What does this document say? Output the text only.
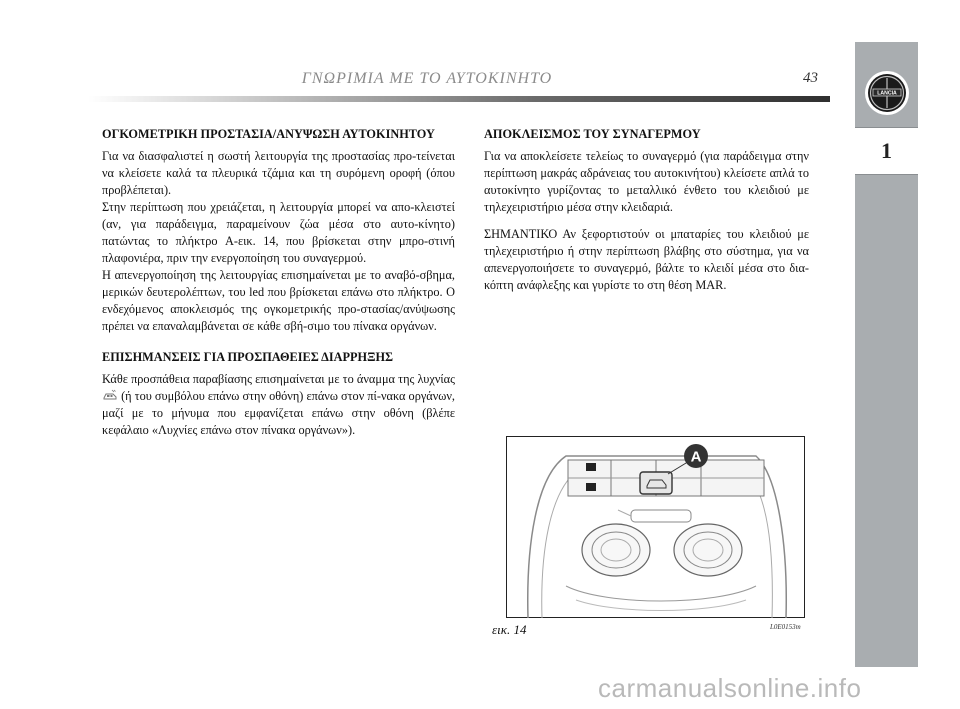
ΓΝΩΡΙΜΙΑ ΜΕ ΤΟ ΑΥΤΟΚΙΝΗΤΟ	43
LANCIA
1
ΟΓΚΟΜΕΤΡΙΚΗ ΠΡΟΣΤΑΣΙΑ/ΑΝΥΨΩΣΗ ΑΥΤΟΚΙΝΗΤΟΥ

Για να διασφαλιστεί η σωστή λειτουργία της προστασίας προ-τείνεται να κλείσετε καλά τα πλευρικά τζάμια και τη συρόμενη οροφή (όπου προβλέπεται).

Στην περίπτωση που χρειάζεται, η λειτουργία μπορεί να απο-κλειστεί (αν, για παράδειγμα, παραμείνουν ζώα μέσα στο αυτο-κίνητο) πατώντας το πλήκτρο A-εικ. 14, που βρίσκεται στην μπρο-στινή πλαφονιέρα, πριν την ενεργοποίηση του συναγερμού.

Η απενεργοποίηση της λειτουργίας επισημαίνεται με το αναβό-σβημα, μερικών δευτερολέπτων, του led που βρίσκεται επάνω στο πλήκτρο. Ο ενδεχόμενος αποκλεισμός της ογκομετρικής προ-στασίας/ανύψωσης πρέπει να επαναλαμβάνεται σε κάθε σβή-σιμο του πίνακα οργάνων.

ΕΠΙΣΗΜΑΝΣΕΙΣ ΓΙΑ ΠΡΟΣΠΑΘΕΙΕΣ ΔΙΑΡΡΗΞΗΣ

Κάθε προσπάθεια παραβίασης επισημαίνεται με το άναμμα της λυχνίας  (ή του συμβόλου επάνω στην οθόνη) επάνω στον πί-νακα οργάνων, μαζί με το μήνυμα που εμφανίζεται επάνω στην οθόνη (βλέπε κεφάλαιο «Λυχνίες επάνω στον πίνακα οργάνων»).

ΑΠΟΚΛΕΙΣΜΟΣ ΤΟΥ ΣΥΝΑΓΕΡΜΟΥ

Για να αποκλείσετε τελείως το συναγερμό (για παράδειγμα στην περίπτωση μακράς αδράνειας του αυτοκινήτου) κλείσετε απλά το αυτοκίνητο γυρίζοντας το μεταλλικό ένθετο του κλειδιού με τηλεχειριστήριο μέσα στην κλειδαριά.

ΣΗΜΑΝΤΙΚΟ Αν ξεφορτιστούν οι μπαταρίες του κλειδιού με τηλεχειριστήριο ή στην περίπτωση βλάβης στο σύστημα, για να απενεργοποιήσετε το συναγερμό, βάλτε το κλειδί μέσα στο δια-κόπτη ανάφλεξης και γυρίστε το στη θέση MAR.

A
εικ. 14	L0E0153m
carmanualsonline.info
